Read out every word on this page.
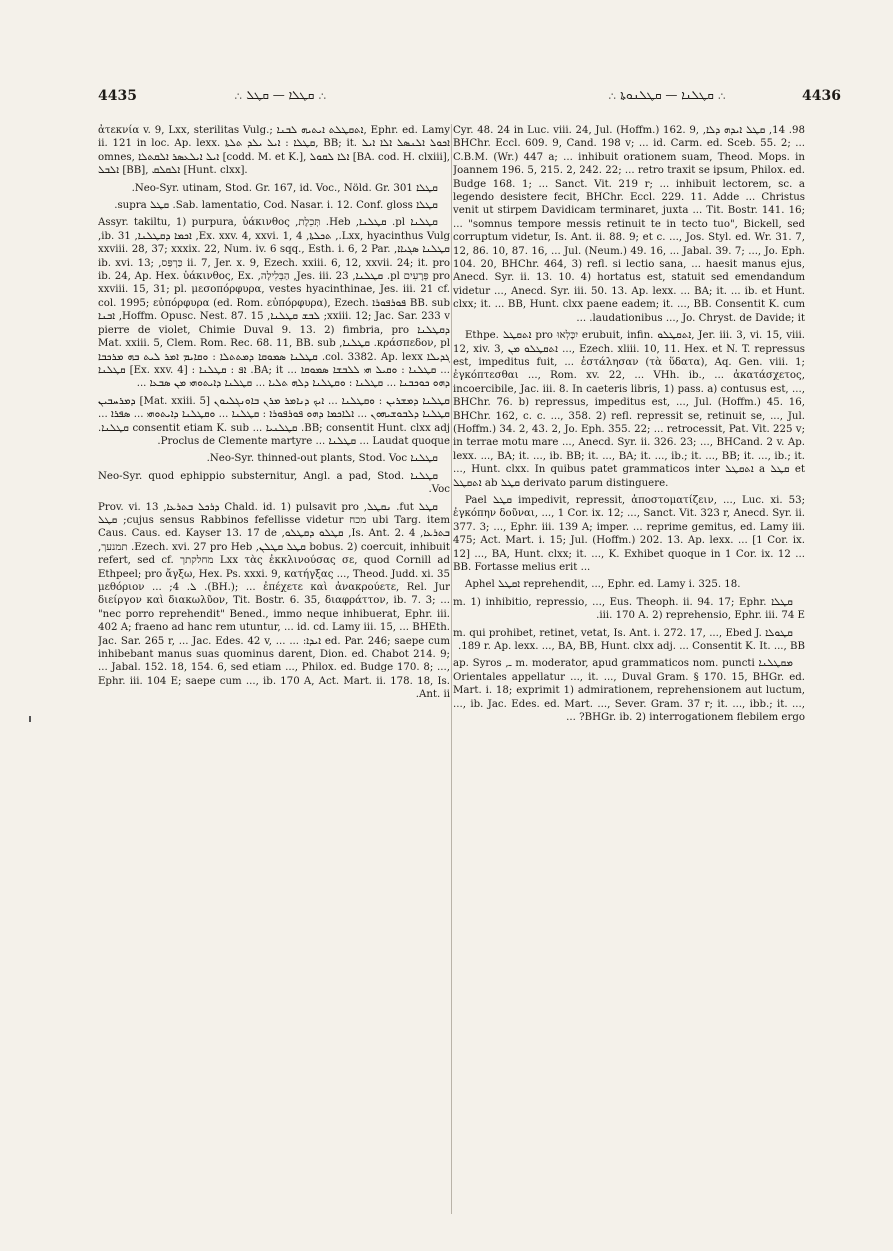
4435	∴ ܩܛܠܐ — ܩܛܠ ∴	∴ ܩܛܠܢܐ — ܩܛܠܢܘܬܐ ∴	4436

ἀτεκνία v. 9, Lxx, sterilitas Vulg.; ܐܬܩܛܠܬ ܐܝܬܝܗ ܠܒܢܐ, Ephr. ed. Lamy ii. 121 in loc. Ap. lexx. ܩܛܠܐ : ܐܝܠ ܝܠܕ ܬܠܬܐ, BB; it. ܐܟܘܠ ܐܠܢܣܠ ܐܠܐ ܐܝܠ omnes, ܐܝܠ ܐܝܠܥܣܪ ܐܠܩܬܠܐ [codd. M. et K.], ܐܠܐ ܠܩܘܠ [BA. cod. H. clxiii], ܐܠܒܠ [BB], ܐܠܩܠܩ [Hunt. clxx].

ܩܛܠܐ Neo-Syr. utinam, Stod. Gr. 167, id. Voc., Nöld. Gr. 301.

ܩܛܠܐ Sab. lamentatio, Cod. Nasar. i. 12. Conf. gloss. ܩܛܠ supra.

ܩܛܠܢܐ pl. ܩܛܠܢܐ, Heb. תְּכֵלֶת, Assyr. takiltu, 1) purpura, ὑάκινθος Lxx, hyacinthus Vulg., ܬܟܠܬܐ, Ex. xxv. 4, xxvi. 1, 4, ܐܟܡܐ ܕܩܛܠܢܐ, ib. 31, ܩܛܠܢܐ ܣܓܝܐܐ, xxviii. 28, 37; xxxix. 22, Num. iv. 6 sqq., Esth. i. 6, 2 Par. ii. 7, Jer. x. 9, Ezech. xxiii. 6, 12, xxvii. 24; it. pro כַּרְפַּס, ib. xvi. 13; pro פְּרָעִים pl. ܩܛܠܢܐ, Jes. iii. 23, הַבְּלִילָה, ib. 24, Ap. Hex. ὑάκινθος, Ex. xxviii. 15, 31; pl. μεσοπόρφυρα, vestes hyacinthinae, Jes. iii. 21 cf. BB. sub ܦܘܪܦܘܪܐ col. 1995; εὐπόρφυρα (ed. Rom. εὐπόρφυρα), Ezech. xxiii. 12; Jac. Sar. 233 v; ܠܒܫ ܩܛܠܢܐ, Hoffm. Opusc. Nest. 87. 15, ܐܒܢܐ ܕܩܛܠܢܐ pierre de violet, Chimie Duval 9. 13. 2) fimbria, pro κράσπεδον, pl. ܩܛܠܢܐ, Mat. xxiii. 5, Clem. Rom. Rec. 68. 11, BB. sub ܓܕܝܠܐ col. 3382. Ap. lexx. ܩܛܠܢܐ ܣܡܘܩܐ ܕܡܬܬܠܐ : ܘܩܐܝܡ ܐܡܪ ܠܝܬ ܒܗ ܡܪܟܒܐ ... ܩܛܠܢܐ : ܘܩܝܠ ܗܝ ܠܠܒܫܐ ܣܡܘܩܐ ... BA; it. ܐܦ : ܩܛܠܢܐ : [Ex. xxv. 4] ܩܛܠܢܐ ܕܗܘ ܟܘܟܒܢܐ ... ܩܛܠܢܐ : ܘܩܛܠܢܐ ܕܠܗ ܬܠܝܐ ... ܩܛܠܢܐ ܕܐܝܬܘܗܝ ܡܢ ܣܒܥܐ ...

ܩܛܠܢܐ ܕܡܫܪܝܢ : ܘܩܛܠܢܐ ... ܐܝܟ ܕܢܐܡܪ ܡܪܢ ܒܐܘܢܓܠܝܘܢ [Mat. xxiii. 5] ܕܡܪܚܒܝܢ ܩܛܠܢܐ ܕܠܒܘܫܝܗܘܢ ... ܐܠܐܟܡܐ ܕܗܘ ܦܘܪܦܘܪܐ : ܩܛܠܢܐ ... ܘܩܛܠܢܐ ܕܐܝܬܘܗܝ ... ܣܦܪܐ ... BB; consentit Hunt. clxx adj. ܩܛܠܢܝܐ ... consentit etiam K. sub ܩܛܠܢܐ. Laudat quoque ... ܩܛܠܢܐ ... Proclus de Clemente martyre.

ܩܛܠܢܐ Neo-Syr. thinned-out plants, Stod. Voc.

ܩܛܠܢܐ Neo-Syr. quod ephippio substernitur, Angl. a pad, Stod. Voc.

ܩܛܠ fut. ܢܩܛܠ, Chald. id. 1) pulsavit pro ܕܪܟܠ ܒܬܪܥܐ, Prov. vi. 13 ubi Targ. item מכח cujus sensus Rabbinos fefellisse videtur; ܩܛܠ ܒܬܪܥܐ, Is. Ant. 2. 4, ܩܛܠܘ ܕܩܛܠܘ, Caus. Caus. ed. Kayser 13. 17 de bobus. 2) coercuit, inhibuit ܩܛܠ ܩܛܠܢ, Ezech. xvi. 27 pro Heb. תמנעך, Lxx τὰς ἐκκλινούσας σε, quod Cornill ad מחלקתך refert, sed cf. Ethpeel; pro ἄγξω, Hex. Ps. xxxi. 9, κατήγξας ..., Theod. Judd. xi. 35 (BH.); ... ἐπέχετε καὶ ἀνακρούετε, Rel. Jur. ܠ. 4; ... μεθόριον διείργον καὶ διακωλῦον, Tit. Bostr. 6. 35, διαφράττον, ib. 7. 3; ... "nec porro reprehendit" Bened., immo neque inhibuerat, Ephr. iii. 402 A; fraeno ad hanc rem utuntur, ... id. cd. Lamy iii. 15, ... BHEth. ed. Par. 246; saepe cum ܐܝܕܐ: ... Jac. Sar. 265 r, ... Jac. Edes. 42 v, ... inhibebant manus suas quominus darent, Dion. ed. Chabot 214. 9; ... Jabal. 152. 18, 154. 6, sed etiam ..., Philox. ed. Budge 170. 8; ..., Ephr. iii. 104 E; saepe cum ..., ib. 170 A, Act. Mart. ii. 178. 18, Is. Ant. ii.

98. 14, ܩܛܠ ܐܝܕܗ ܕܠܐ, Cyr. 48. 24 in Luc. viii. 24, Jul. (Hoffm.) 162. 9, BHChr. Eccl. 609. 9, Cand. 198 v; ... id. Carm. ed. Sceb. 55. 2; ... C.B.M. (Wr.) 447 a; ... inhibuit orationem suam, Theod. Mops. in Joannem 196. 5, 215. 2, 242. 22; ... retro traxit se ipsum, Philox. ed. Budge 168. 1; ... Sanct. Vit. 219 r; ... inhibuit lectorem, sc. a legendo desistere fecit, BHChr. Eccl. 229. 11. Adde ... Christus venit ut stirpem Davidicam terminaret, juxta ... Tit. Bostr. 141. 16; ... "somnus tempore messis retinuit te in tecto tuo", Bickell, sed corruptum videtur, Is. Ant. ii. 88. 9; et c. ..., Jos. Styl. ed. Wr. 31. 7, 12, 86. 10, 87. 16, ... Jul. (Neum.) 49. 16, ... Jabal. 39. 7; ..., Jo. Eph. 104. 20, BHChr. 464, 3) refl. si lectio sana, ... haesit manus ejus, Anecd. Syr. ii. 13. 10. 4) hortatus est, statuit sed emendandum videtur ..., Anecd. Syr. iii. 50. 13. Ap. lexx. ... BA; it. ... ib. et Hunt. clxx; it. ... BB, Hunt. clxx paene eadem; it. ..., BB. Consentit K. cum laudationibus ..., Jo. Chryst. de Davide; it. ...

Ethpe. ܐܬܩܛܠ pro יִכָּלְאוּ erubuit, infin. ܐܬܩܛܠܘ, Jer. iii. 3, vi. 15, viii. 12, xiv. 3, ܐܬܩܛܠܘ ܡܢ ..., Ezech. xliii. 10, 11. Hex. et N. T. repressus est, impeditus fuit, ... ἐστάλησαν (τὰ ὕδατα), Aq. Gen. viii. 1; ἐγκόπτεσθαι ..., Rom. xv. 22, ... VHh. ib., ... ἀκατάσχετος, incoercibile, Jac. iii. 8. In caeteris libris, 1) pass. a) contusus est, ..., BHChr. 76. b) repressus, impeditus est, ..., Jul. (Hoffm.) 45. 16, BHChr. 162, c. c. ..., 358. 2) refl. repressit se, retinuit se, ..., Jul. (Hoffm.) 34. 2, 43. 2, Jo. Eph. 355. 22; ... retrocessit, Pat. Vit. 225 v; in terrae motu mare ..., Anecd. Syr. ii. 326. 23; ..., BHCand. 2 v. Ap. lexx. ..., BA; it. ..., ib. BB; it. ..., BA; it. ..., ib.; it. ..., BB; it. ..., ib.; it. ..., Hunt. clxx. In quibus patet grammaticos inter ܐܬܩܛܠ a ܩܛܠ et ܐܬܩܛܠ ab ܩܛܠ derivato parum distinguere.

Pael ܩܛܠ impedivit, repressit, ἀποστοματίζειν, ..., Luc. xi. 53; ἐγκόπην δοῦναι, ..., 1 Cor. ix. 12; ..., Sanct. Vit. 323 r, Anecd. Syr. ii. 377. 3; ..., Ephr. iii. 139 A; imper. ... reprime gemitus, ed. Lamy iii. 475; Act. Mart. i. 15; Jul. (Hoffm.) 202. 13. Ap. lexx. ... [1 Cor. ix. 12] ..., BA, Hunt. clxx; it. ..., K. Exhibet quoque in 1 Cor. ix. 12 ... BB. Fortasse melius erit ...

Aphel ܐܩܛܠ reprehendit, ..., Ephr. ed. Lamy i. 325. 18.

ܩܛܠܐ m. 1) inhibitio, repressio, ..., Eus. Theoph. ii. 94. 17; Ephr. iii. 170 A. 2) reprehensio, Ephr. iii. 74 E.

ܩܛܘܠܐ m. qui prohibet, retinet, vetat, Is. Ant. i. 272. 17, ..., Ebed J. 189 r. Ap. lexx. ..., BA, BB, Hunt. clxx adj. ... Consentit K. It. ..., BB.

ܡܩܛܠܢܐ m. moderator, apud grammaticos nom. puncti ـ, ap. Syros Orientales appellatur ..., it. ..., Duval Gram. § 170. 15, BHGr. ed. Mart. i. 18; exprimit 1) admirationem, reprehensionem aut luctum, ..., ib. Jac. Edes. ed. Mart. ..., Sever. Gram. 37 r; it. ..., ibb.; it. ..., BHGr. ib. 2) interrogationem flebilem ergo? ...
